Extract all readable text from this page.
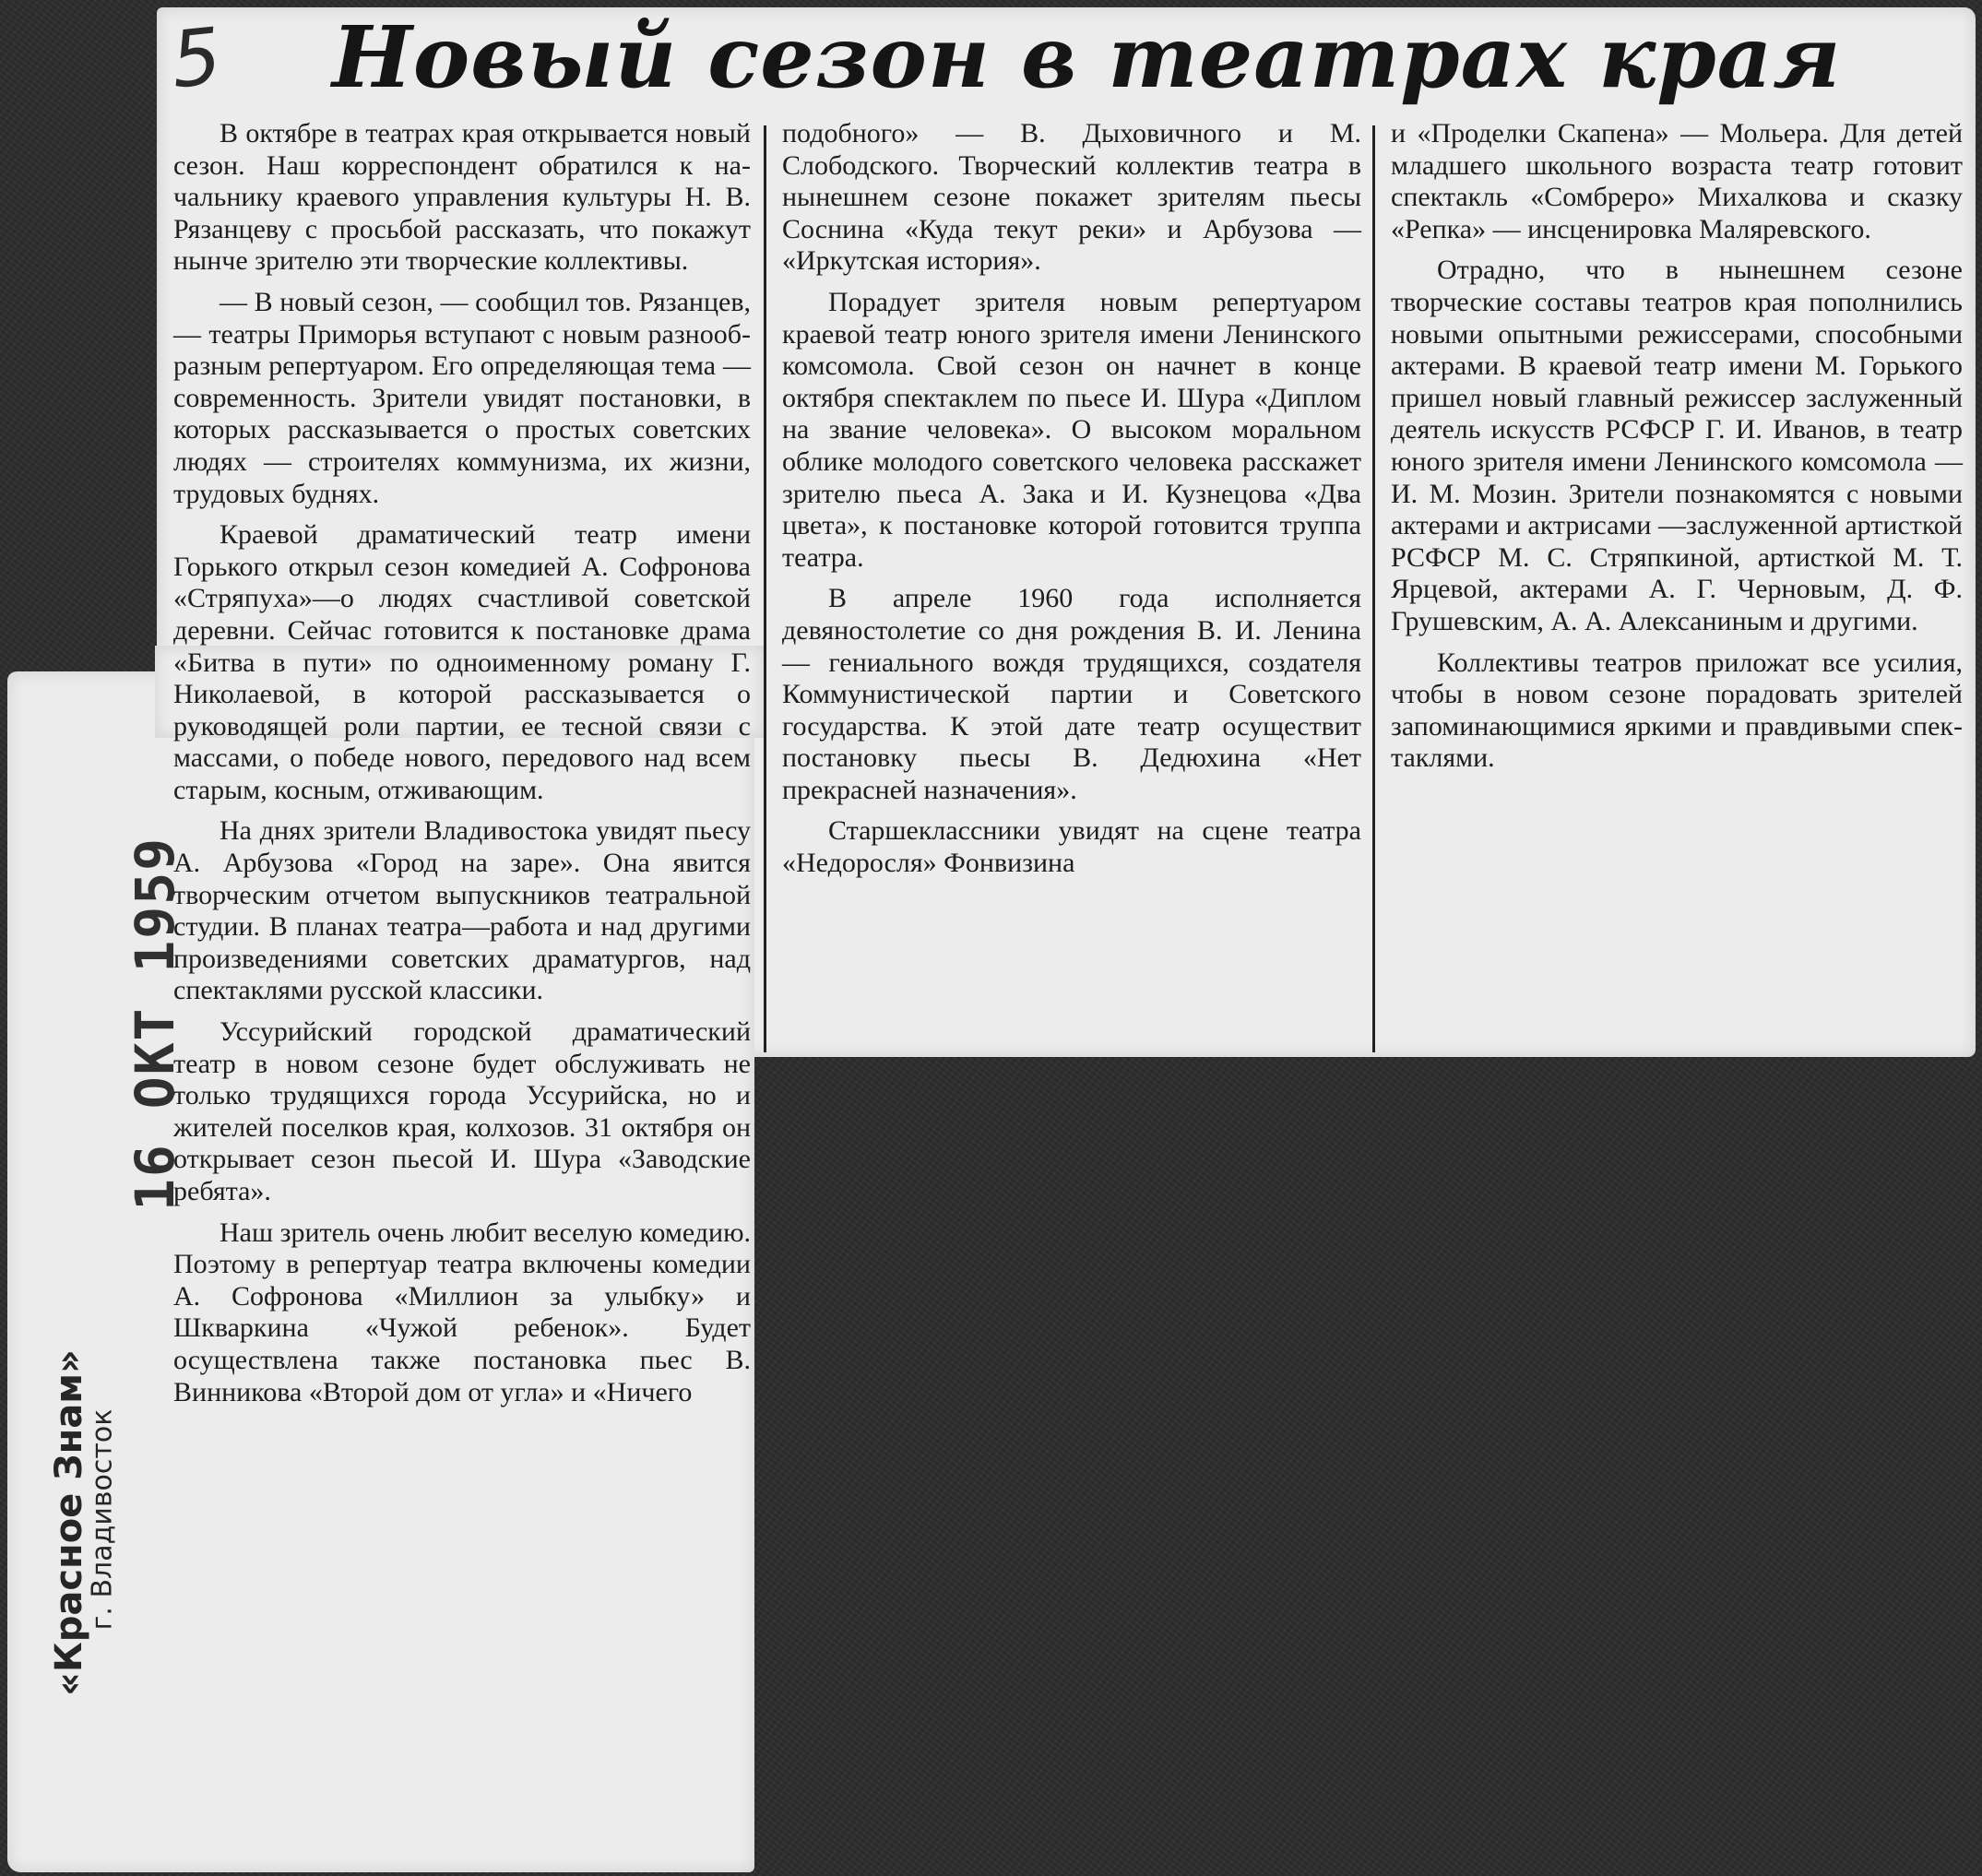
5 Новый сезон в театрах края

В октябре в театрах края открывается новый сезон. Наш корреспондент обратился к начальнику краевого управления культуры Н. В. Рязанцеву с просьбой рассказать, что покажут нынче зрителю эти творческие коллективы.

— В новый сезон, — сообщил тов. Рязанцев, — театры Приморья вступают с новым разнообразным репертуаром. Его определяющая тема — современность. Зрители увидят постановки, в которых рассказывается о простых советских людях — строителях коммунизма, их жизни, трудовых буднях.

Краевой драматический театр имени Горького открыл сезон комедией А. Софронова «Стряпуха»—о людях счастливой советской деревни. Сейчас готовится к постановке драма «Битва в пути» по одноименному роману Г. Николаевой, в которой рассказывается о руководящей роли партии, ее тесной связи с массами, о победе нового, передового над всем старым, косным, отживающим.

На днях зрители Владивостока увидят пьесу А. Арбузова «Город на заре». Она явится творческим отчетом выпускников театральной студии. В планах театра—работа и над другими произведениями советских драматургов, над спектаклями русской классики.

Уссурийский городской драматический театр в новом сезоне будет обслуживать не только трудящихся города Уссурийска, но и жителей поселков края, колхозов. 31 октября он открывает сезон пьесой И. Шура «Заводские ребята».

Наш зритель очень любит веселую комедию. Поэтому в репертуар театра включены комедии А. Софронова «Миллион за улыбку» и Шкваркина «Чужой ребенок». Будет осуществлена также постановка пьес В. Винникова «Второй дом от угла» и «Ничего

подобного» — В. Дыховичного и М. Слободского. Творческий коллектив театра в нынешнем сезоне покажет зрителям пьесы Соснина «Куда текут реки» и Арбузова — «Иркутская история».

Порадует зрителя новым репертуаром краевой театр юного зрителя имени Ленинского комсомола. Свой сезон он начнет в конце октября спектаклем по пьесе И. Шура «Диплом на звание человека». О высоком моральном облике молодого советского человека расскажет зрителю пьеса А. Зака и И. Кузнецова «Два цвета», к постановке которой готовится труппа театра.

В апреле 1960 года исполняется девяностолетие со дня рождения В. И. Ленина — гениального вождя трудящихся, создателя Коммунистической партии и Советского государства. К этой дате театр осуществит постановку пьесы В. Дедюхина «Нет прекрасней назначения».

Старшеклассники увидят на сцене театра «Недоросля» Фонвизина

и «Проделки Скапена» — Мольера. Для детей младшего школьного возраста театр готовит спектакль «Сомбреро» Михалкова и сказку «Репка» — инсценировка Маляревского.

Отрадно, что в нынешнем сезоне творческие составы театров края пополнились новыми опытными режиссерами, способными актерами. В краевой театр имени М. Горького пришел новый главный режиссер заслуженный деятель искусств РСФСР Г. И. Иванов, в театр юного зрителя имени Ленинского комсомола — И. М. Мозин. Зрители познакомятся с новыми актерами и актрисами —заслуженной артисткой РСФСР М. С. Стряпкиной, артисткой М. Т. Ярцевой, актерами А. Г. Черновым, Д. Ф. Грушевским, А. А. Алексаниным и другими.

Коллективы театров приложат все усилия, чтобы в новом сезоне порадовать зрителей запоминающимися яркими и правдивыми спектаклями.

16 ОКТ 1959
«Красное Знам»
г. Владивосток
